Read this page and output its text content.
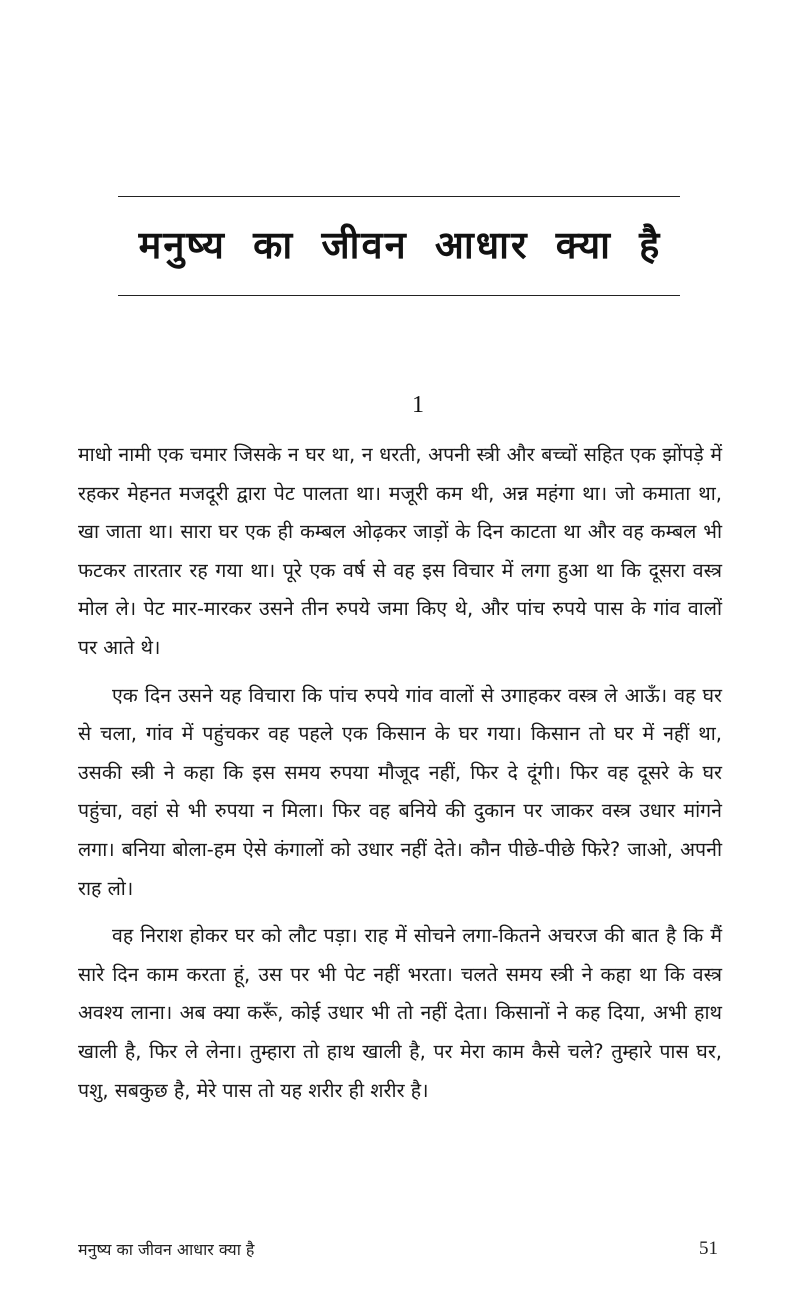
मनुष्य का जीवन आधार क्या है
1

माधो नामी एक चमार जिसके न घर था, न धरती, अपनी स्त्री और बच्चों सहित एक झोंपड़े में रहकर मेहनत मजदूरी द्वारा पेट पालता था। मजूरी कम थी, अन्न महंगा था। जो कमाता था, खा जाता था। सारा घर एक ही कम्बल ओढ़कर जाड़ों के दिन काटता था और वह कम्बल भी फटकर तारतार रह गया था। पूरे एक वर्ष से वह इस विचार में लगा हुआ था कि दूसरा वस्त्र मोल ले। पेट मार-मारकर उसने तीन रुपये जमा किए थे, और पांच रुपये पास के गांव वालों पर आते थे।

एक दिन उसने यह विचारा कि पांच रुपये गांव वालों से उगाहकर वस्त्र ले आऊँ। वह घर से चला, गांव में पहुंचकर वह पहले एक किसान के घर गया। किसान तो घर में नहीं था, उसकी स्त्री ने कहा कि इस समय रुपया मौजूद नहीं, फिर दे दूंगी। फिर वह दूसरे के घर पहुंचा, वहां से भी रुपया न मिला। फिर वह बनिये की दुकान पर जाकर वस्त्र उधार मांगने लगा। बनिया बोला-हम ऐसे कंगालों को उधार नहीं देते। कौन पीछे-पीछे फिरे? जाओ, अपनी राह लो।

वह निराश होकर घर को लौट पड़ा। राह में सोचने लगा-कितने अचरज की बात है कि मैं सारे दिन काम करता हूं, उस पर भी पेट नहीं भरता। चलते समय स्त्री ने कहा था कि वस्त्र अवश्य लाना। अब क्या करूँ, कोई उधार भी तो नहीं देता। किसानों ने कह दिया, अभी हाथ खाली है, फिर ले लेना। तुम्हारा तो हाथ खाली है, पर मेरा काम कैसे चले? तुम्हारे पास घर, पशु, सबकुछ है, मेरे पास तो यह शरीर ही शरीर है।

मनुष्य का जीवन आधार क्या है	51
